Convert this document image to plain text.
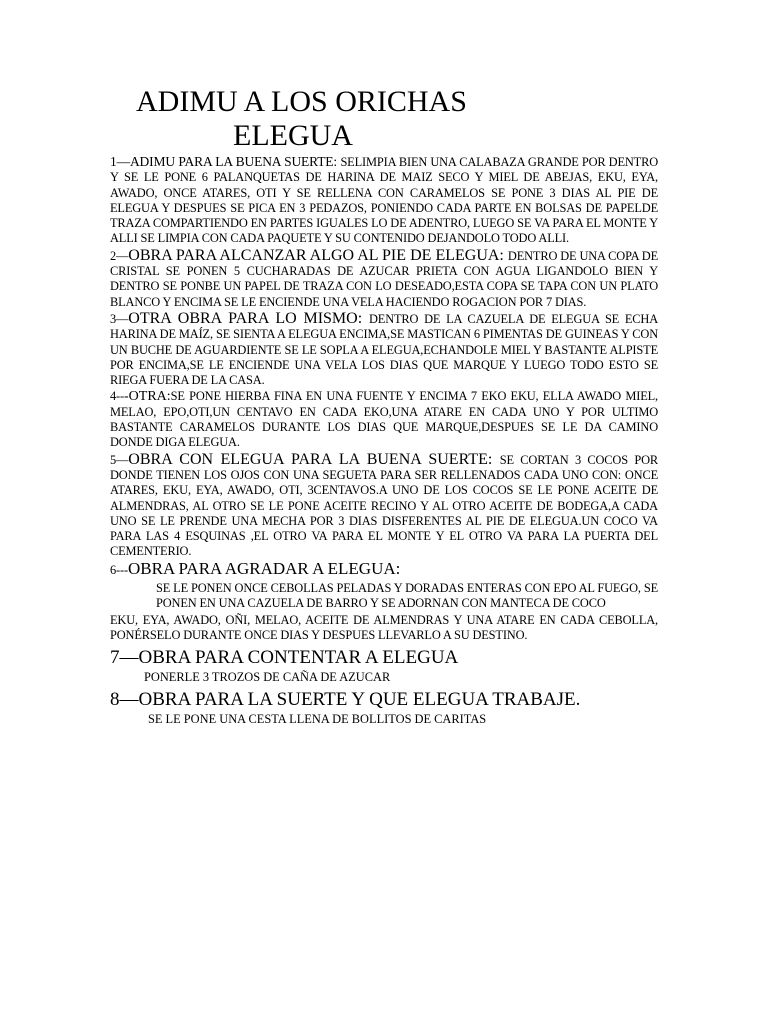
ADIMU A LOS ORICHAS
ELEGUA

1—ADIMU PARA LA BUENA SUERTE: SELIMPIA BIEN UNA CALABAZA GRANDE POR DENTRO Y SE LE PONE 6 PALANQUETAS DE HARINA DE MAIZ SECO Y MIEL DE ABEJAS, EKU, EYA, AWADO, ONCE ATARES, OTI Y SE RELLENA CON CARAMELOS SE PONE 3 DIAS AL PIE DE ELEGUA Y DESPUES SE PICA EN 3 PEDAZOS, PONIENDO CADA PARTE EN BOLSAS DE PAPELDE TRAZA COMPARTIENDO EN PARTES IGUALES LO DE ADENTRO, LUEGO SE VA PARA EL MONTE Y ALLI SE LIMPIA CON CADA PAQUETE Y SU CONTENIDO DEJANDOLO TODO ALLI.

2—OBRA PARA ALCANZAR ALGO AL PIE DE ELEGUA: DENTRO DE UNA COPA DE CRISTAL SE PONEN 5 CUCHARADAS DE AZUCAR PRIETA CON AGUA LIGANDOLO BIEN Y DENTRO SE PONBE UN PAPEL DE TRAZA CON LO DESEADO,ESTA COPA SE TAPA CON UN PLATO BLANCO Y ENCIMA SE LE ENCIENDE UNA VELA HACIENDO ROGACION POR 7 DIAS.

3—OTRA OBRA PARA LO MISMO: DENTRO DE LA CAZUELA DE ELEGUA SE ECHA HARINA DE MAÍZ, SE SIENTA A ELEGUA ENCIMA,SE MASTICAN 6 PIMENTAS DE GUINEAS Y CON UN BUCHE DE AGUARDIENTE SE LE SOPLA A ELEGUA,ECHANDOLE MIEL Y BASTANTE ALPISTE POR ENCIMA,SE LE ENCIENDE UNA VELA LOS DIAS QUE MARQUE Y LUEGO TODO ESTO SE RIEGA FUERA DE LA CASA.

4---OTRA:SE PONE HIERBA FINA EN UNA FUENTE Y ENCIMA 7 EKO EKU, ELLA AWADO MIEL, MELAO, EPO,OTI,UN CENTAVO EN CADA EKO,UNA ATARE EN CADA UNO Y POR ULTIMO BASTANTE CARAMELOS DURANTE LOS DIAS QUE MARQUE,DESPUES SE LE DA CAMINO DONDE DIGA ELEGUA.

5—OBRA CON ELEGUA PARA LA BUENA SUERTE: SE CORTAN 3 COCOS POR DONDE TIENEN LOS OJOS CON UNA SEGUETA PARA SER RELLENADOS CADA UNO CON: ONCE ATARES, EKU, EYA, AWADO, OTI, 3CENTAVOS.A UNO DE LOS COCOS SE LE PONE ACEITE DE ALMENDRAS, AL OTRO SE LE PONE ACEITE RECINO Y AL OTRO ACEITE DE BODEGA,A CADA UNO SE LE PRENDE UNA MECHA POR 3 DIAS DISFERENTES AL PIE DE ELEGUA.UN COCO VA PARA LAS 4 ESQUINAS ,EL OTRO VA PARA EL MONTE Y EL OTRO VA PARA LA PUERTA DEL CEMENTERIO.

6---OBRA PARA AGRADAR A ELEGUA:

SE LE PONEN ONCE CEBOLLAS PELADAS Y DORADAS ENTERAS CON EPO AL FUEGO, SE PONEN EN UNA CAZUELA DE BARRO Y SE ADORNAN CON MANTECA DE COCO

EKU, EYA, AWADO, OÑI, MELAO, ACEITE DE ALMENDRAS Y UNA ATARE EN CADA CEBOLLA, PONÉRSELO DURANTE ONCE DIAS Y DESPUES LLEVARLO A SU DESTINO.

7—OBRA PARA CONTENTAR A ELEGUA

PONERLE 3 TROZOS DE CAÑA DE AZUCAR

8—OBRA PARA LA SUERTE Y QUE ELEGUA TRABAJE.

SE LE PONE UNA CESTA LLENA DE BOLLITOS DE CARITAS
